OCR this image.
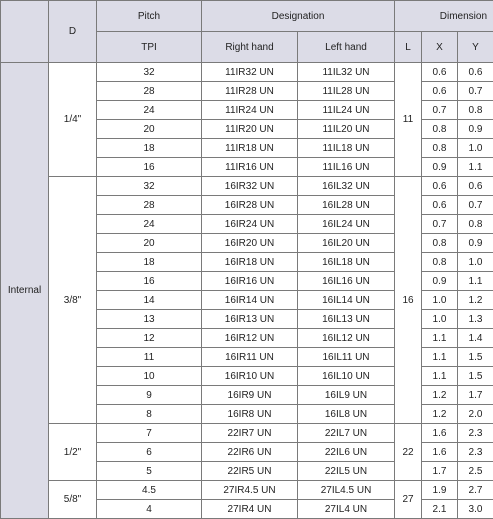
	D	Pitch	Designation		Dimension		
		TPI	Right hand	Left hand	L	X	Y
Internal	1/4"	32	11IR32 UN	11IL32 UN	11	0.6	0.6
		28	11IR28 UN	11IL28 UN		0.6	0.7
		24	11IR24 UN	11IL24 UN		0.7	0.8
		20	11IR20 UN	11IL20 UN		0.8	0.9
		18	11IR18 UN	11IL18 UN		0.8	1.0
		16	11IR16 UN	11IL16 UN		0.9	1.1
	3/8"	32	16IR32 UN	16IL32 UN	16	0.6	0.6
		28	16IR28 UN	16IL28 UN		0.6	0.7
		24	16IR24 UN	16IL24 UN		0.7	0.8
		20	16IR20 UN	16IL20 UN		0.8	0.9
		18	16IR18 UN	16IL18 UN		0.8	1.0
		16	16IR16 UN	16IL16 UN		0.9	1.1
		14	16IR14 UN	16IL14 UN		1.0	1.2
		13	16IR13 UN	16IL13 UN		1.0	1.3
		12	16IR12 UN	16IL12 UN		1.1	1.4
		11	16IR11 UN	16IL11 UN		1.1	1.5
		10	16IR10 UN	16IL10 UN		1.1	1.5
		9	16IR9 UN	16IL9 UN		1.2	1.7
		8	16IR8 UN	16IL8 UN		1.2	2.0
	1/2"	7	22IR7 UN	22IL7 UN	22	1.6	2.3
		6	22IR6 UN	22IL6 UN		1.6	2.3
		5	22IR5 UN	22IL5 UN		1.7	2.5
	5/8"	4.5	27IR4.5 UN	27IL4.5 UN	27	1.9	2.7
		4	27IR4 UN	27IL4 UN		2.1	3.0
